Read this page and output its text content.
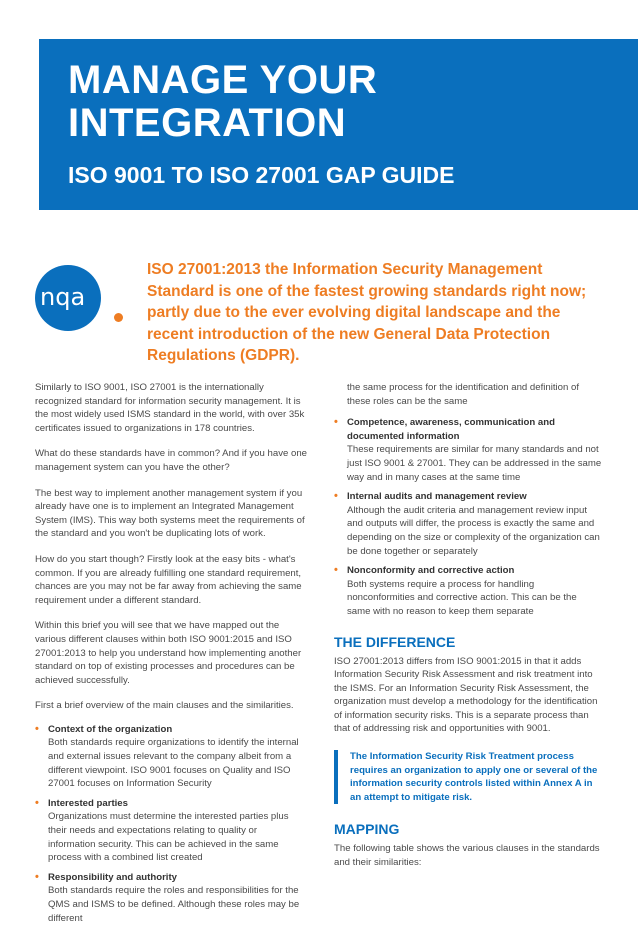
MANAGE YOUR
INTEGRATION
ISO 9001 TO ISO 27001 GAP GUIDE
nqa
ISO 27001:2013 the Information Security Management Standard is one of the fastest growing standards right now; partly due to the ever evolving digital landscape and the recent introduction of the new General Data Protection Regulations (GDPR).

Similarly to ISO 9001, ISO 27001 is the internationally recognized standard for information security management. It is the most widely used ISMS standard in the world, with over 35k certificates issued to organizations in 178 countries.

What do these standards have in common? And if you have one management system can you have the other?

The best way to implement another management system if you already have one is to implement an Integrated Management System (IMS). This way both systems meet the requirements of the standard and you won't be duplicating lots of work.

How do you start though? Firstly look at the easy bits - what's common. If you are already fulfilling one standard requirement, chances are you may not be far away from achieving the same requirement under a different standard.

Within this brief you will see that we have mapped out the various different clauses within both ISO 9001:2015 and ISO 27001:2013 to help you understand how implementing another standard on top of existing processes and procedures can be achieved successfully.

First a brief overview of the main clauses and the similarities.

• Context of the organization
Both standards require organizations to identify the internal and external issues relevant to the company albeit from a different viewpoint. ISO 9001 focuses on Quality and ISO 27001 focuses on Information Security
• Interested parties
Organizations must determine the interested parties plus their needs and expectations relating to quality or information security. This can be achieved in the same process with a combined list created
• Responsibility and authority
Both standards require the roles and responsibilities for the QMS and ISMS to be defined. Although these roles may be different
the same process for the identification and definition of these roles can be the same
• Competence, awareness, communication and documented information
These requirements are similar for many standards and not just ISO 9001 & 27001. They can be addressed in the same way and in many cases at the same time
• Internal audits and management review
Although the audit criteria and management review input and outputs will differ, the process is exactly the same and depending on the size or complexity of the organization can be done together or separately
• Nonconformity and corrective action
Both systems require a process for handling nonconformities and corrective action. This can be the same with no reason to keep them separate
THE DIFFERENCE
ISO 27001:2013 differs from ISO 9001:2015 in that it adds Information Security Risk Assessment and risk treatment into the ISMS. For an Information Security Risk Assessment, the organization must develop a methodology for the identification of information security risks. This is a separate process than that of addressing risk and opportunities with 9001.
The Information Security Risk Treatment process requires an organization to apply one or several of the information security controls listed within Annex A in an attempt to mitigate risk.
MAPPING
The following table shows the various clauses in the standards and their similarities:
